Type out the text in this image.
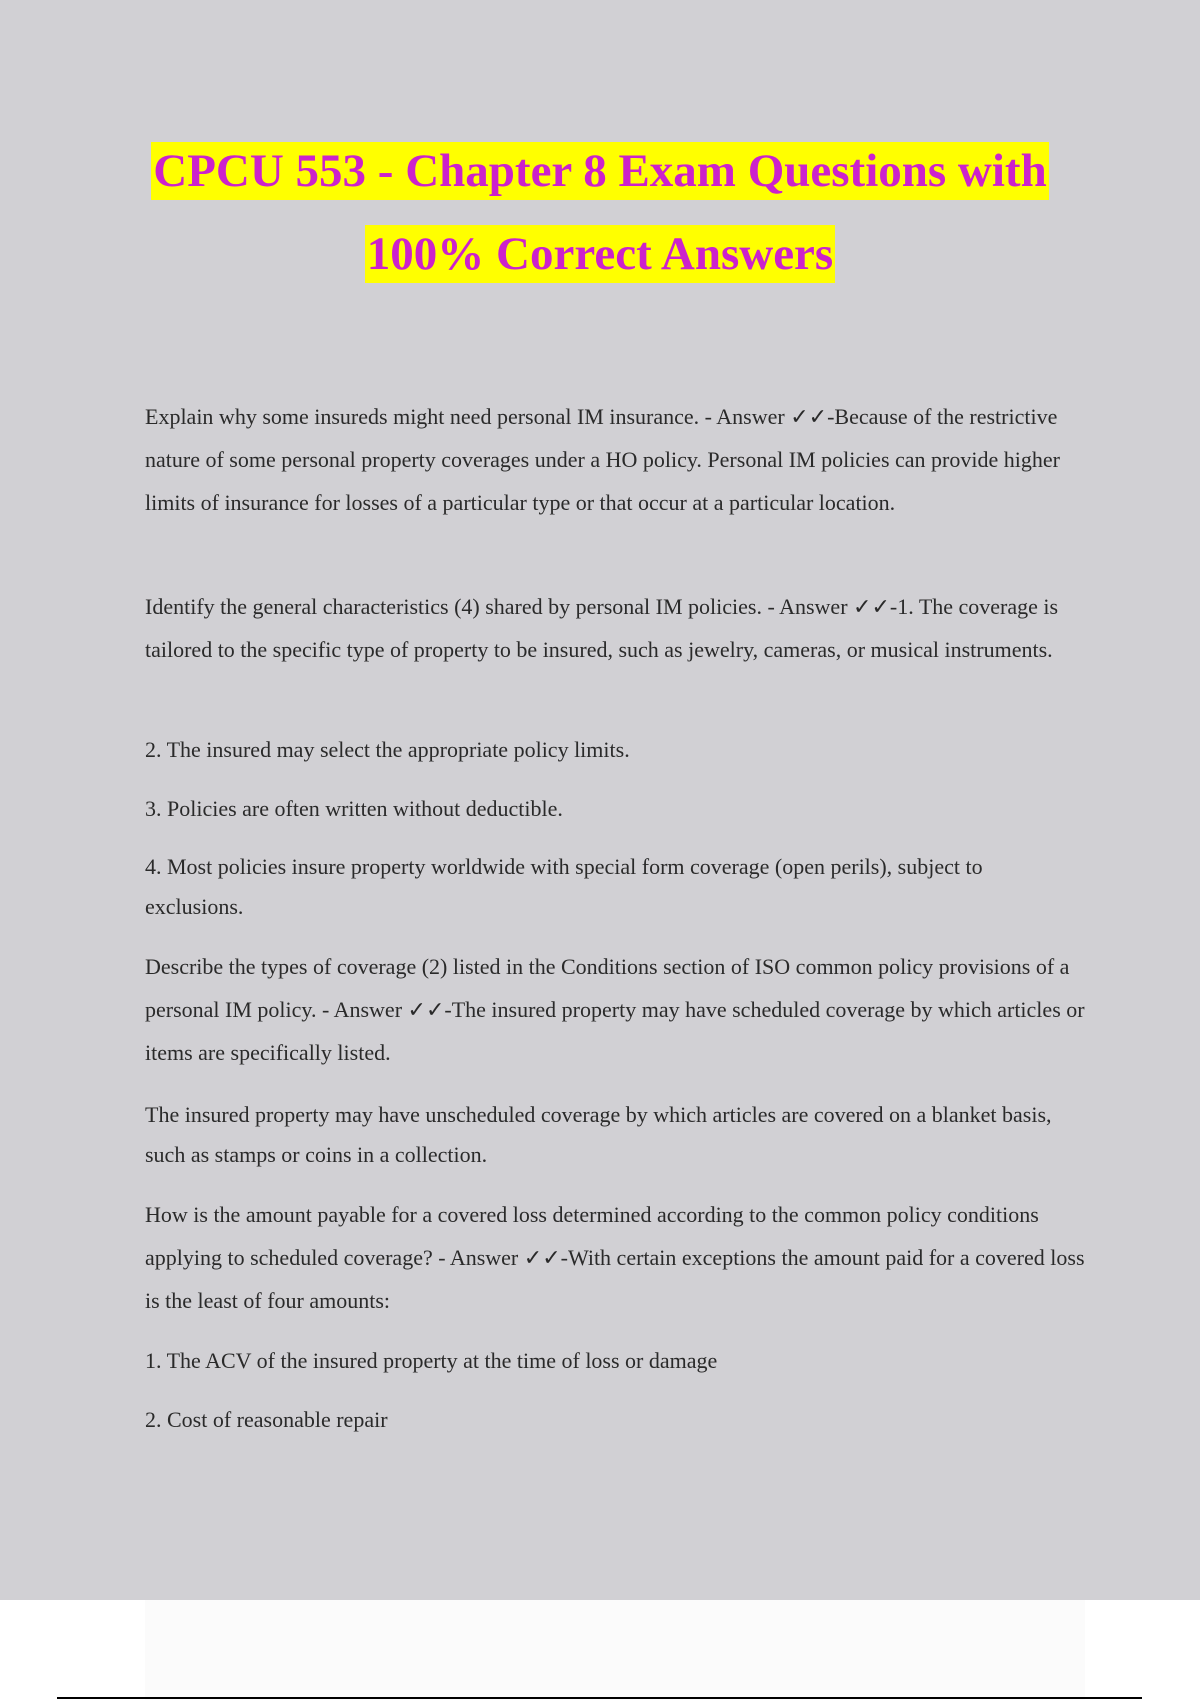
CPCU 553 - Chapter 8 Exam Questions with
100% Correct Answers

Explain why some insureds might need personal IM insurance. - Answer ✓✓-Because of the restrictive nature of some personal property coverages under a HO policy. Personal IM policies can provide higher limits of insurance for losses of a particular type or that occur at a particular location.

Identify the general characteristics (4) shared by personal IM policies. - Answer ✓✓-1. The coverage is tailored to the specific type of property to be insured, such as jewelry, cameras, or musical instruments.

2. The insured may select the appropriate policy limits.

3. Policies are often written without deductible.

4. Most policies insure property worldwide with special form coverage (open perils), subject to exclusions.

Describe the types of coverage (2) listed in the Conditions section of ISO common policy provisions of a personal IM policy. - Answer ✓✓-The insured property may have scheduled coverage by which articles or items are specifically listed.

The insured property may have unscheduled coverage by which articles are covered on a blanket basis, such as stamps or coins in a collection.

How is the amount payable for a covered loss determined according to the common policy conditions applying to scheduled coverage? - Answer ✓✓-With certain exceptions the amount paid for a covered loss is the least of four amounts:

1. The ACV of the insured property at the time of loss or damage

2. Cost of reasonable repair
